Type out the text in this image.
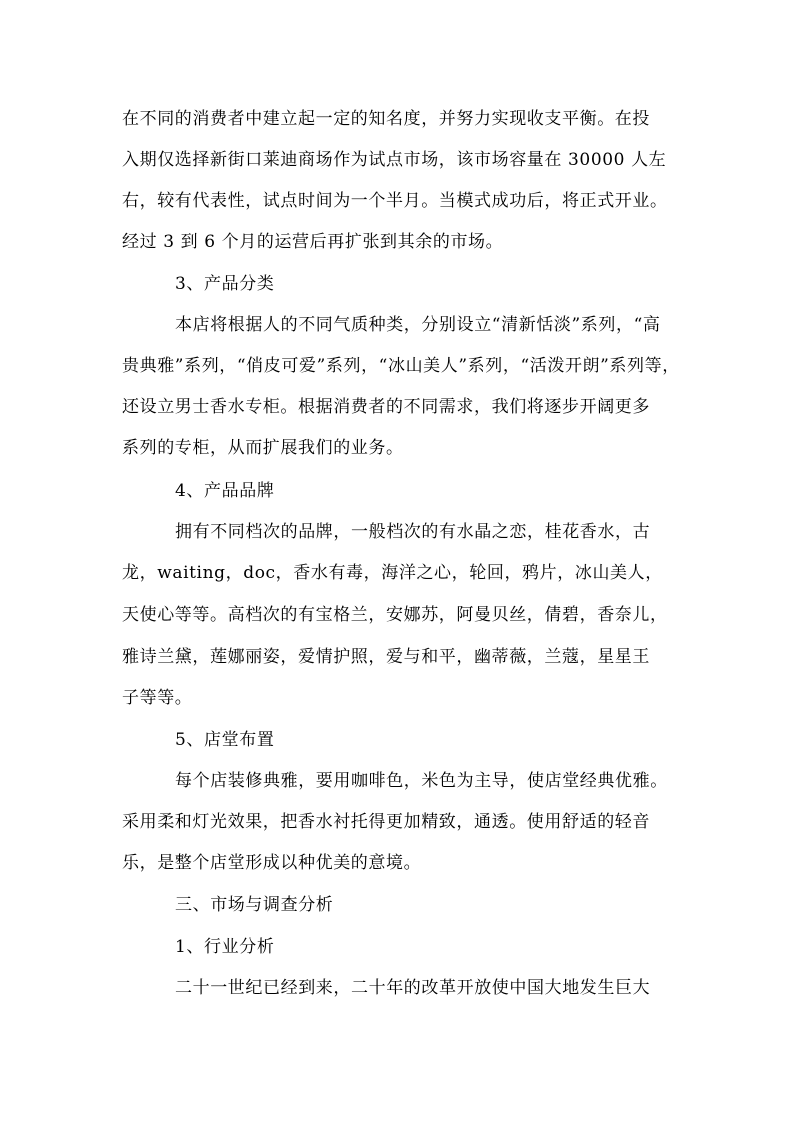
在不同的消费者中建立起一定的知名度，并努力实现收支平衡。在投
入期仅选择新街口莱迪商场作为试点市场，该市场容量在 30000 人左
右，较有代表性，试点时间为一个半月。当模式成功后，将正式开业。
经过 3 到 6 个月的运营后再扩张到其余的市场。
3、产品分类
本店将根据人的不同气质种类，分别设立“清新恬淡”系列，“高
贵典雅”系列，“俏皮可爱”系列，“冰山美人”系列，“活泼开朗”系列等，
还设立男士香水专柜。根据消费者的不同需求，我们将逐步开阔更多
系列的专柜，从而扩展我们的业务。
4、产品品牌
拥有不同档次的品牌，一般档次的有水晶之恋，桂花香水，古
龙，waiting，doc，香水有毒，海洋之心，轮回，鸦片，冰山美人，
天使心等等。高档次的有宝格兰，安娜苏，阿曼贝丝，倩碧，香奈儿，
雅诗兰黛，莲娜丽姿，爱情护照，爱与和平，幽蒂薇，兰蔻，星星王
子等等。
5、店堂布置
每个店装修典雅，要用咖啡色，米色为主导，使店堂经典优雅。
采用柔和灯光效果，把香水衬托得更加精致，通透。使用舒适的轻音
乐，是整个店堂形成以种优美的意境。
三、市场与调查分析
1、行业分析
二十一世纪已经到来，二十年的改革开放使中国大地发生巨大
